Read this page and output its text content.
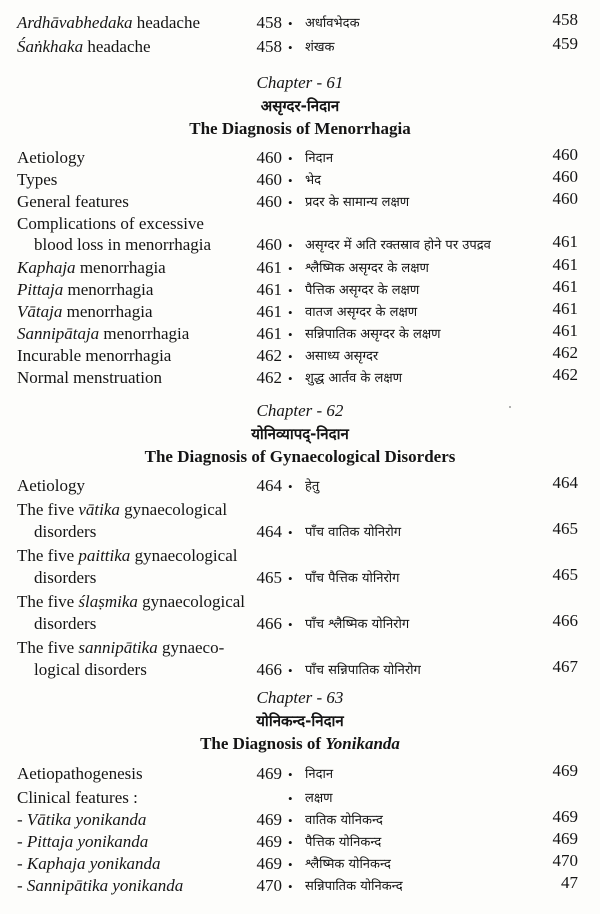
Ardhāvabhedaka headache	458 • अर्धावभेदक	458
Śaṅkhaka headache	458 • शंखक	459
Chapter - 61
असृग्दर-निदान
The Diagnosis of Menorrhagia
Aetiology	460 • निदान	460
Types	460 • भेद	460
General features	460 • प्रदर के सामान्य लक्षण	460
Complications of excessive
blood loss in menorrhagia	460 • असृग्दर में अति रक्तस्राव होने पर उपद्रव	461
Kaphaja menorrhagia	461 • श्लैष्मिक असृग्दर के लक्षण	461
Pittaja menorrhagia	461 • पैत्तिक असृग्दर के लक्षण	461
Vātaja menorrhagia	461 • वातज असृग्दर के लक्षण	461
Sannipātaja menorrhagia	461 • सन्निपातिक असृग्दर के लक्षण	461
Incurable menorrhagia	462 • असाध्य असृग्दर	462
Normal menstruation	462 • शुद्ध आर्तव के लक्षण	462
Chapter - 62
योनिव्यापद्-निदान
The Diagnosis of Gynaecological Disorders
Aetiology	464 • हेतु	464
The five vātika gynaecological
disorders	464 • पाँच वातिक योनिरोग	465
The five paittika gynaecological
disorders	465 • पाँच पैत्तिक योनिरोग	465
The five ślaṣmika gynaecological
disorders	466 • पाँच श्लैष्मिक योनिरोग	466
The five sannipātika gynaeco-
logical disorders	466 • पाँच सन्निपातिक योनिरोग	467
Chapter - 63
योनिकन्द-निदान
The Diagnosis of Yonikanda
Aetiopathogenesis	469 • निदान	469
Clinical features :	• लक्षण
- Vātika yonikanda	469 • वातिक योनिकन्द	469
- Pittaja yonikanda	469 • पैत्तिक योनिकन्द	469
- Kaphaja yonikanda	469 • श्लैष्मिक योनिकन्द	470
- Sannipātika yonikanda	470 • सन्निपातिक योनिकन्द	47
